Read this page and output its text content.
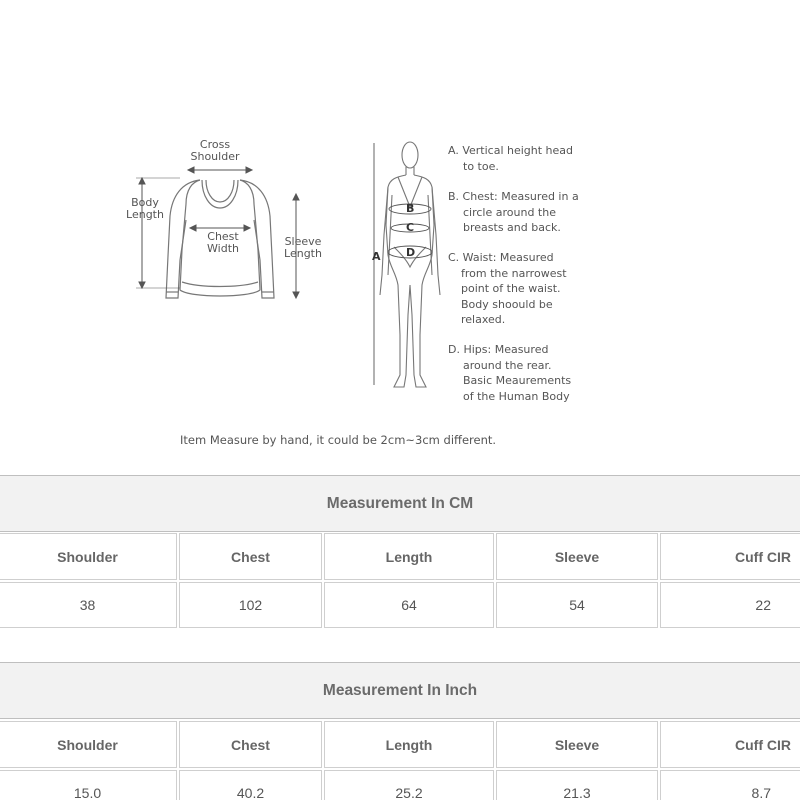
Cross
Shoulder
Body
Length
Chest
Width
Sleeve
Length	A
B
C
D
A. Vertical height head
to toe.
B. Chest: Measured in a
circle around the
breasts and back.
C. Waist: Measured
from the narrowest
point of the waist.
Body shoould be
relaxed.
D. Hips: Measured
around the rear.
Basic Meaurements
of the Human Body
Item Measure by hand, it could be 2cm~3cm different.
Measurement In CM
Shoulder	Chest	Length	Sleeve	Cuff CIR
38	102	64	54	22
Measurement In Inch
Shoulder	Chest	Length	Sleeve	Cuff CIR
15.0	40.2	25.2	21.3	8.7
